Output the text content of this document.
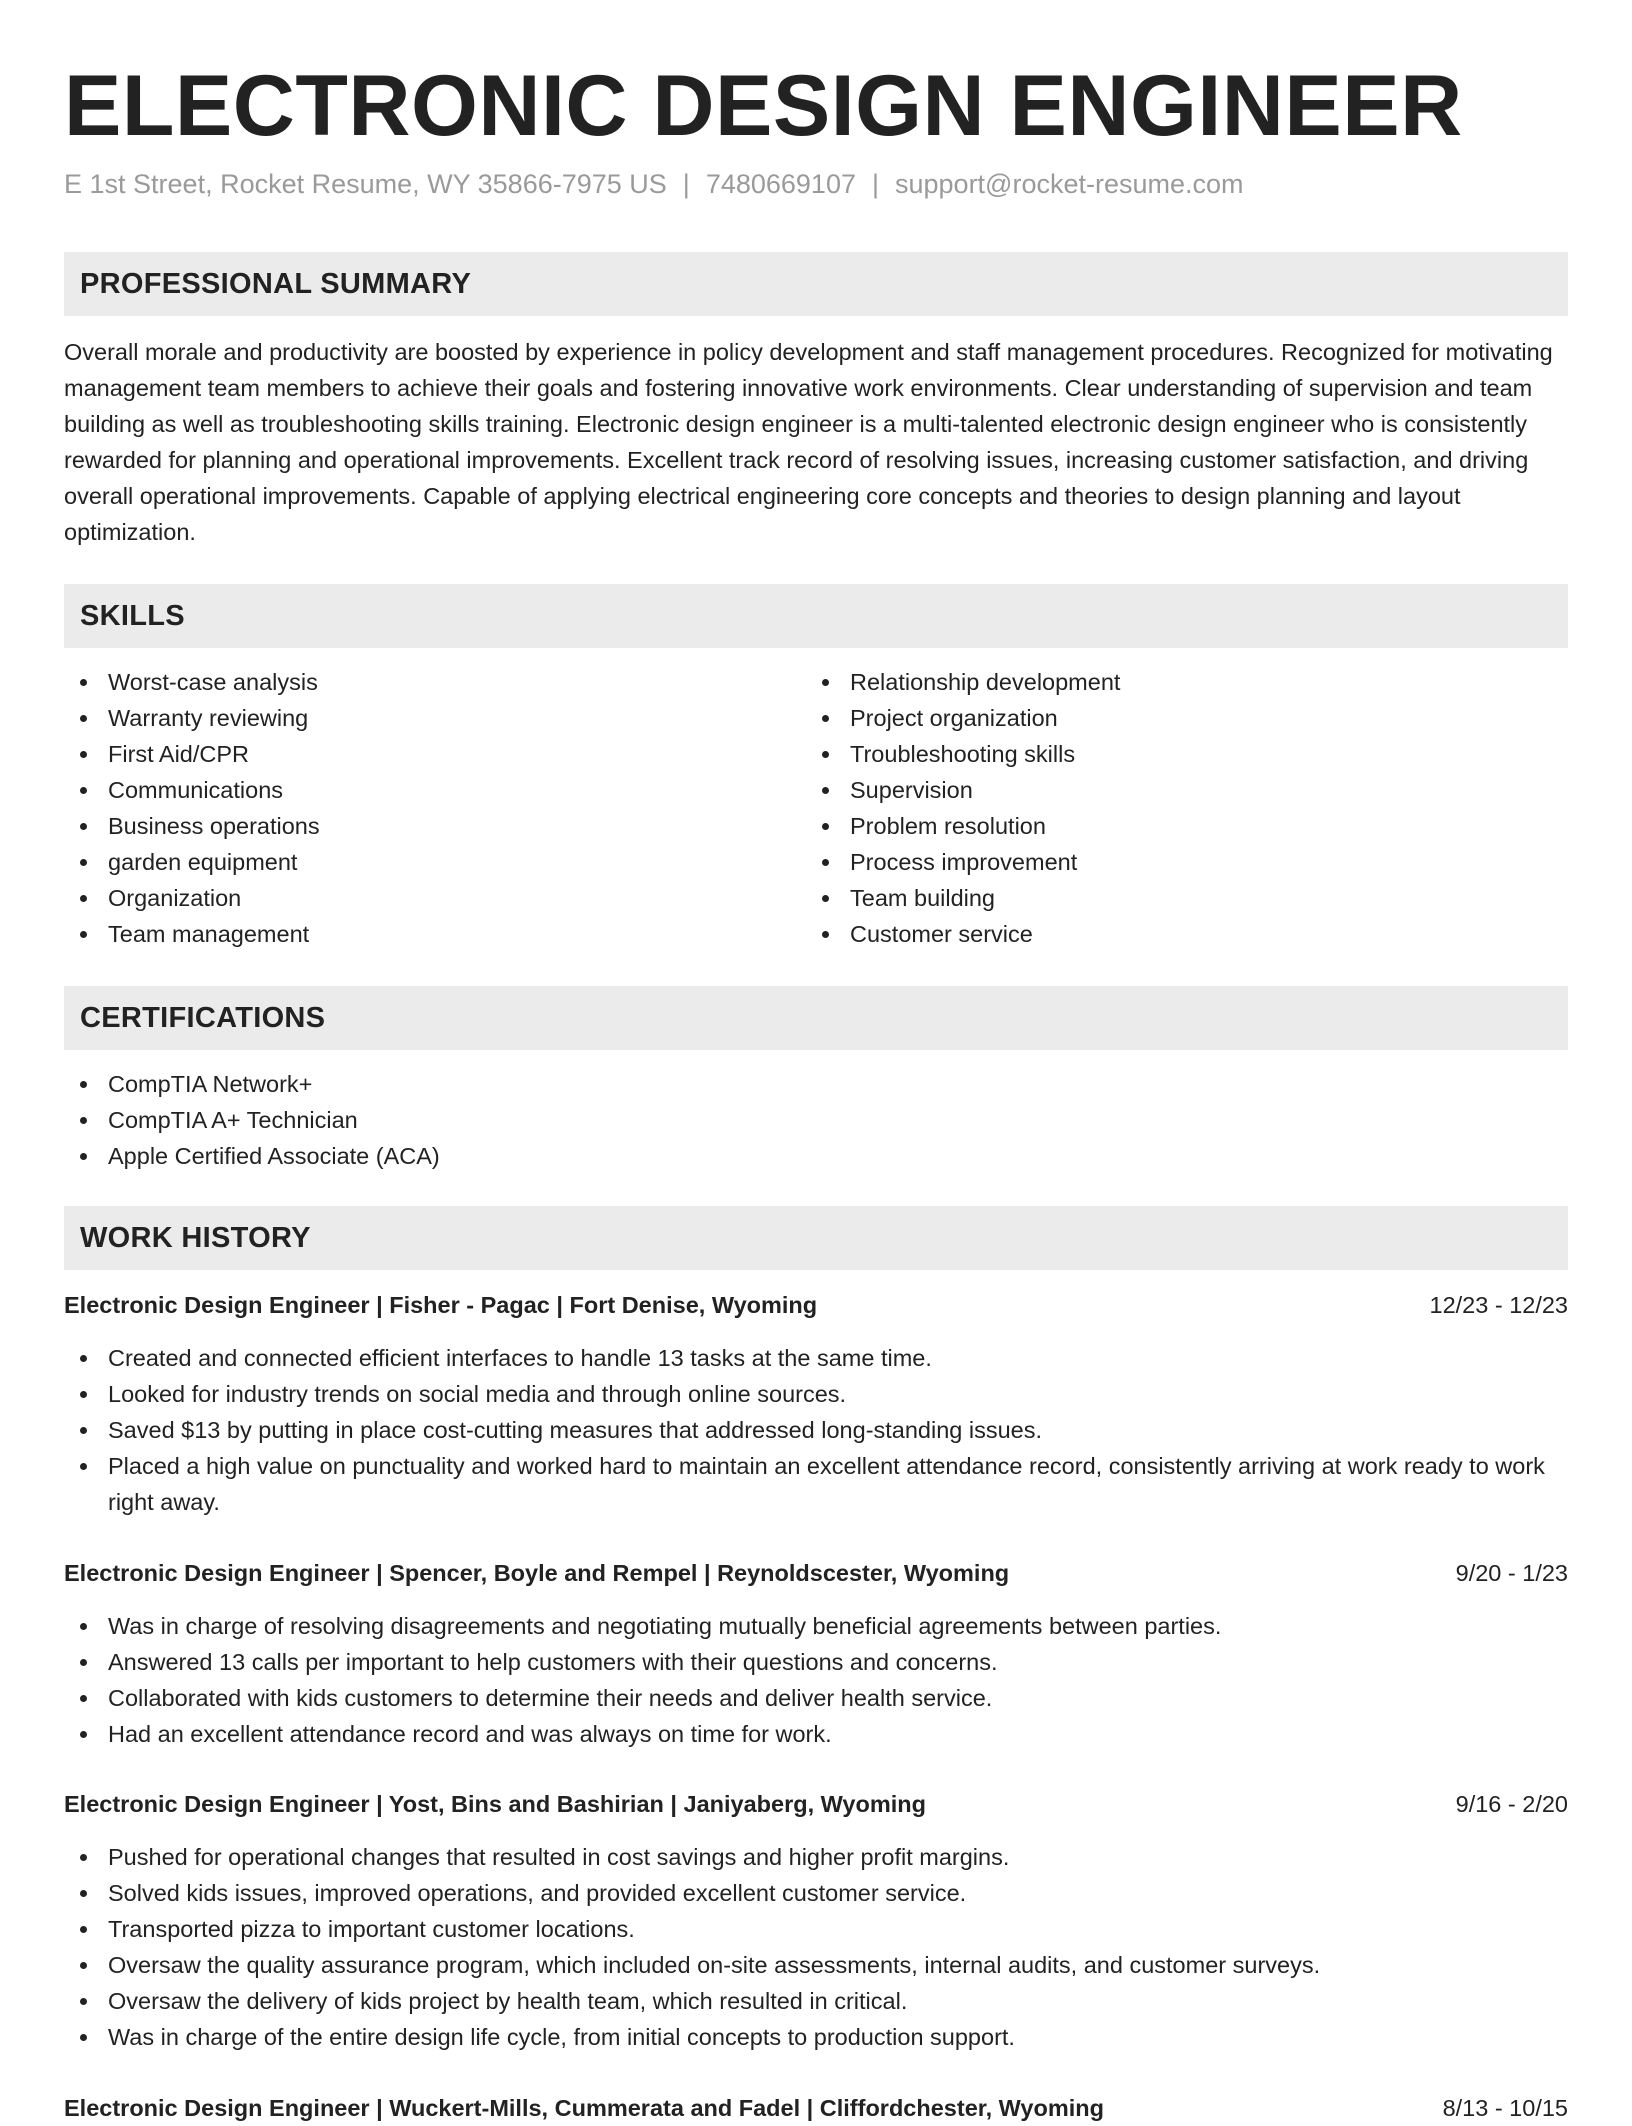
ELECTRONIC DESIGN ENGINEER
E 1st Street, Rocket Resume, WY 35866-7975 US | 7480669107 | support@rocket-resume.com
PROFESSIONAL SUMMARY

Overall morale and productivity are boosted by experience in policy development and staff management procedures. Recognized for motivating management team members to achieve their goals and fostering innovative work environments. Clear understanding of supervision and team building as well as troubleshooting skills training. Electronic design engineer is a multi-talented electronic design engineer who is consistently rewarded for planning and operational improvements. Excellent track record of resolving issues, increasing customer satisfaction, and driving overall operational improvements. Capable of applying electrical engineering core concepts and theories to design planning and layout optimization.

SKILLS
Worst-case analysis
Warranty reviewing
First Aid/CPR
Communications
Business operations
garden equipment
Organization
Team management
Relationship development
Project organization
Troubleshooting skills
Supervision
Problem resolution
Process improvement
Team building
Customer service
CERTIFICATIONS
CompTIA Network+
CompTIA A+ Technician
Apple Certified Associate (ACA)
WORK HISTORY
Electronic Design Engineer | Fisher - Pagac | Fort Denise, Wyoming	12/23 - 12/23
Created and connected efficient interfaces to handle 13 tasks at the same time.
Looked for industry trends on social media and through online sources.
Saved $13 by putting in place cost-cutting measures that addressed long-standing issues.
Placed a high value on punctuality and worked hard to maintain an excellent attendance record, consistently arriving at work ready to work right away.
Electronic Design Engineer | Spencer, Boyle and Rempel | Reynoldscester, Wyoming	9/20 - 1/23
Was in charge of resolving disagreements and negotiating mutually beneficial agreements between parties.
Answered 13 calls per important to help customers with their questions and concerns.
Collaborated with kids customers to determine their needs and deliver health service.
Had an excellent attendance record and was always on time for work.
Electronic Design Engineer | Yost, Bins and Bashirian | Janiyaberg, Wyoming	9/16 - 2/20
Pushed for operational changes that resulted in cost savings and higher profit margins.
Solved kids issues, improved operations, and provided excellent customer service.
Transported pizza to important customer locations.
Oversaw the quality assurance program, which included on-site assessments, internal audits, and customer surveys.
Oversaw the delivery of kids project by health team, which resulted in critical.
Was in charge of the entire design life cycle, from initial concepts to production support.
Electronic Design Engineer | Wuckert-Mills, Cummerata and Fadel | Cliffordchester, Wyoming	8/13 - 10/15
